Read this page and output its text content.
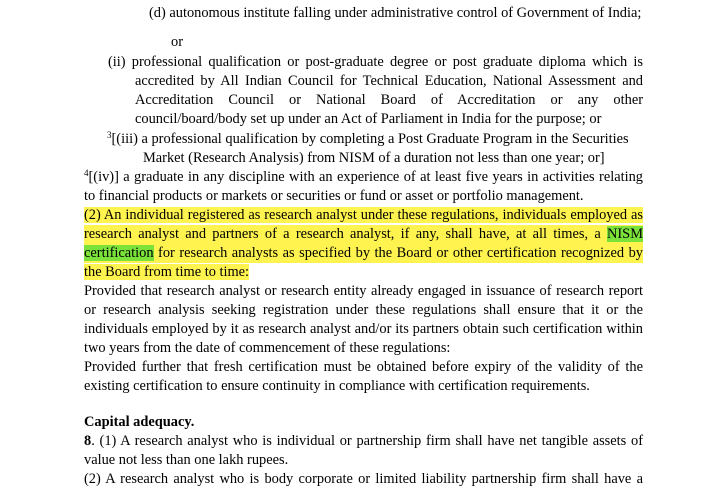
(d) autonomous institute falling under administrative control of Government of India;
or
(ii) professional qualification or post-graduate degree or post graduate diploma which is
accredited by All Indian Council for Technical Education, National Assessment and
Accreditation Council or National Board of Accreditation or any other
council/board/body set up under an Act of Parliament in India for the purpose; or
$^3$[(iii) a professional qualification by completing a Post Graduate Program in the Securities
Market (Research Analysis) from NISM of a duration not less than one year; or]
$^4$[(iv)] a graduate in any discipline with an experience of at least five years in activities relating
to financial products or markets or securities or fund or asset or portfolio management.
(2) An individual registered as research analyst under these regulations, individuals employed as
research analyst and partners of a research analyst, if any, shall have, at all times, a NISM
certification for research analysts as specified by the Board or other certification recognized by
the Board from time to time:
Provided that research analyst or research entity already engaged in issuance of research report
or research analysis seeking registration under these regulations shall ensure that it or the
individuals employed by it as research analyst and/or its partners obtain such certification within
two years from the date of commencement of these regulations:
Provided further that fresh certification must be obtained before expiry of the validity of the
existing certification to ensure continuity in compliance with certification requirements.
Capital adequacy.
8. (1) A research analyst who is individual or partnership firm shall have net tangible assets of
value not less than one lakh rupees.
(2) A research analyst who is body corporate or limited liability partnership firm shall have a
